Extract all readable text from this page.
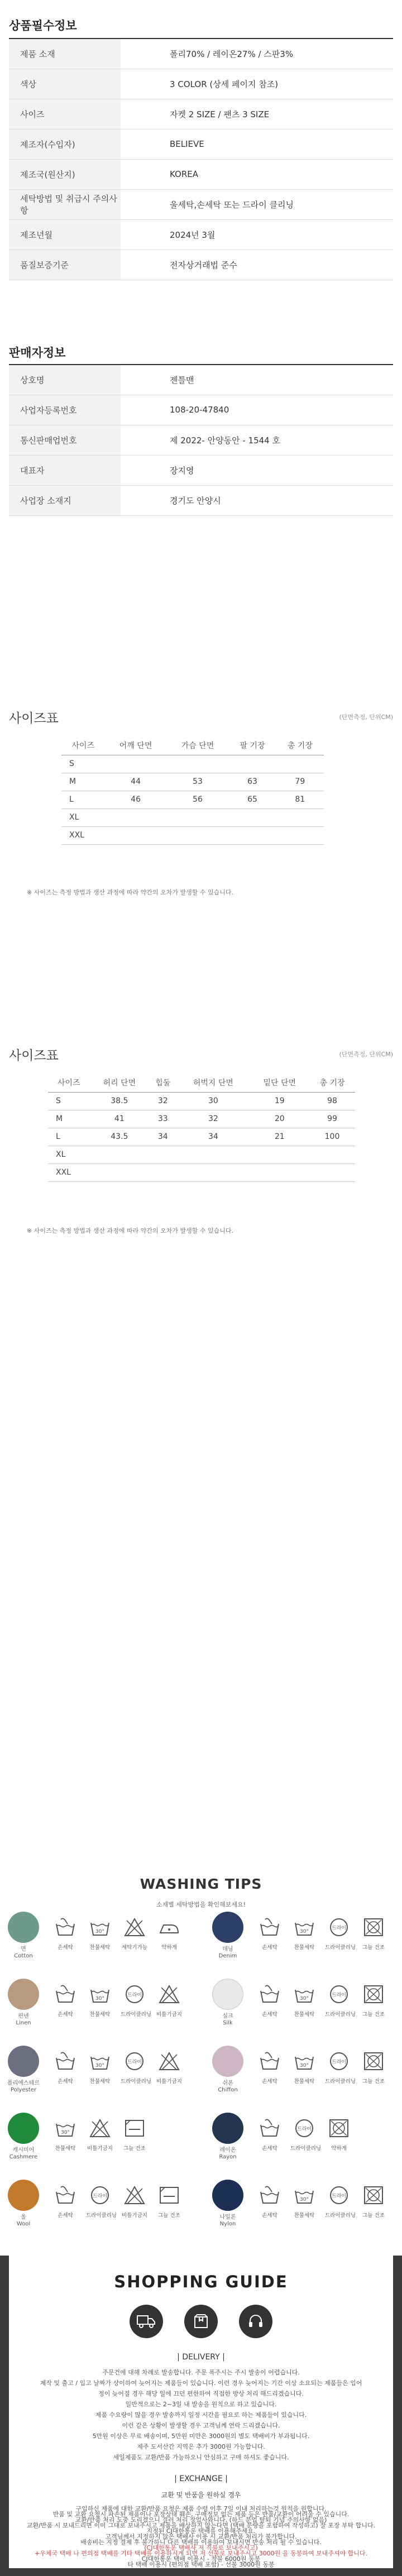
상품필수정보
제품 소재	폴리70% / 레이온27% / 스판3%
색상	3 COLOR (상세 페이지 참조)
사이즈	자켓 2 SIZE / 팬츠 3 SIZE
제조자(수입자)	BELIEVE
제조국(원산지)	KOREA
세탁방법 및 취급시 주의사항	울세탁,손세탁 또는 드라이 클리닝
제조년월	2024년 3월
품질보증기준	전자상거래법 준수
판매자정보
상호명	젠틀맨
사업자등록번호	108-20-47840
통신판매업번호	제 2022- 안양동안 - 1544 호
대표자	장지영
사업장 소재지	경기도 안양시
사이즈표	(단면측정, 단위CM)
사이즈	어깨 단면	가슴 단면	팔 기장	총 기장
S				
M	44	53	63	79
L	46	56	65	81
XL				
XXL				
※ 사이즈는 측정 방법과 생산 과정에 따라 약간의 오차가 발생할 수 있습니다.
사이즈표	(단면측정, 단위CM)
사이즈	허리 단면	힙둘	허벅지 단면	밑단 단면	총 기장
S	38.5	32	30	19	98
M	41	33	32	20	99
L	43.5	34	34	21	100
XL					
XXL					
※ 사이즈는 측정 방법과 생산 과정에 따라 약간의 오차가 발생할 수 있습니다.
WASHING TIPS
소재별 세탁방법을 확인해보세요!
면
Cotton
손세탁
30°
찬물세탁	세탁기가능	약하게
린넨
Linen
손세탁
30°
찬물세탁
드라이
드라이클리닝 비틀기금지
폴리에스테르
Polyester
손세탁
30°
찬물세탁
드라이
드라이클리닝 비틀기금지
캐시미어
Cashmere
30°
찬물세탁	비틀기금지	그늘 건조
울
Wool
손세탁
드라이
드라이클리닝 비틀기금지	그늘 건조
데님
Denim
손세탁
30°
찬물세탁
드라이
드라이클리닝	그늘 건조
실크
Silk
손세탁
30°
찬물세탁
드라이
드라이클리닝	그늘 건조
쉬폰
Chiffon
손세탁
30°
찬물세탁
드라이
드라이클리닝	그늘 건조
레이온
Rayon
손세탁
드라이
드라이클리닝	약하게
나일론
Nylon
손세탁
30°
찬물세탁
드라이
드라이클리닝	그늘 건조
SHOPPING GUIDE
| DELIVERY |
주문건에 대해 차례로 발송합니다. 주문 폭주시는 주시 발송이 어렵습니다.
제작 및 출고 / 입고 날짜가 상이하여 늦어지는 제품들이 있습니다. 이런 경우 늦어지는 기간 이상 소요되는 제품들은 입어
정이 늦어질 경우 해당 일에 끄던 편한하여 직접한 방상 처리 해드리겠습니다.
일반적으로는 2~3일 내 발송을 원칙으로 하고 있습니다.
제품 수요량이 많을 경우 발송까지 일정 시간을 필요로 하는 제품들이 있습니다.
이런 같은 상황이 발생할 경우 고객님께 연락 드리겠습니다.
5만원 이상은 무료 배송이며, 5만원 미만은 3000원의 별도 택배비가 부과됩니다.
제주 도서산간 지역은 추가 3000원 가능합니다.
세일제품도 교환/반품 가능하오니 안심하고 구매 하셔도 좋습니다.
| EXCHANGE |
교환 및 반품을 원하실 경우
구입하신 제품에 대한 교환/반품 요청은 제품 수령 이후 7일 이내 처리하는것 원칙을 원합니다.
반품 및 교환 요청시 파손된 제품이나 포장상태 훼손, 구매정보 없는 제품 등은 반품/교환이 어려울 수 있습니다.
교환/반품 처리 도중 도리겠으니 결러 처리 장었사와니다. (하드 분업 탈퇴 기념 주의사항 없음)
교환/반품 시 보내드리면 이미 그대로 보내주시고 제품을 배상하지 않는다면 (택배 분량을 포함하여 작성하고) 잘 포장 부탁 합니다.
지정된 CJ대한통운 택배를 이용해주세요.
고객님께서 지정하지 않은 택배사 이용 시 교환/반품 처리가 불가합니다.
배송비는 지정 결제 후 불가하니 다른 택배를 이용하여 보내시면 반송 처리 될 수 있습니다.
(CJ대한통운 택배사 저 직불로 보내주시고)
+우체국 택배 나 편의점 택배를 기타 택배를 이용하시게 되면 저 선불로 보내주시고 3000원 을 동봉하여 보내주셔야 합니다.
CJ대한통운 택배 이용시 - 착불 6000원 동봉
타 택배 이용시 (편의점 택배 포함) - 선불 3000원 동봉
